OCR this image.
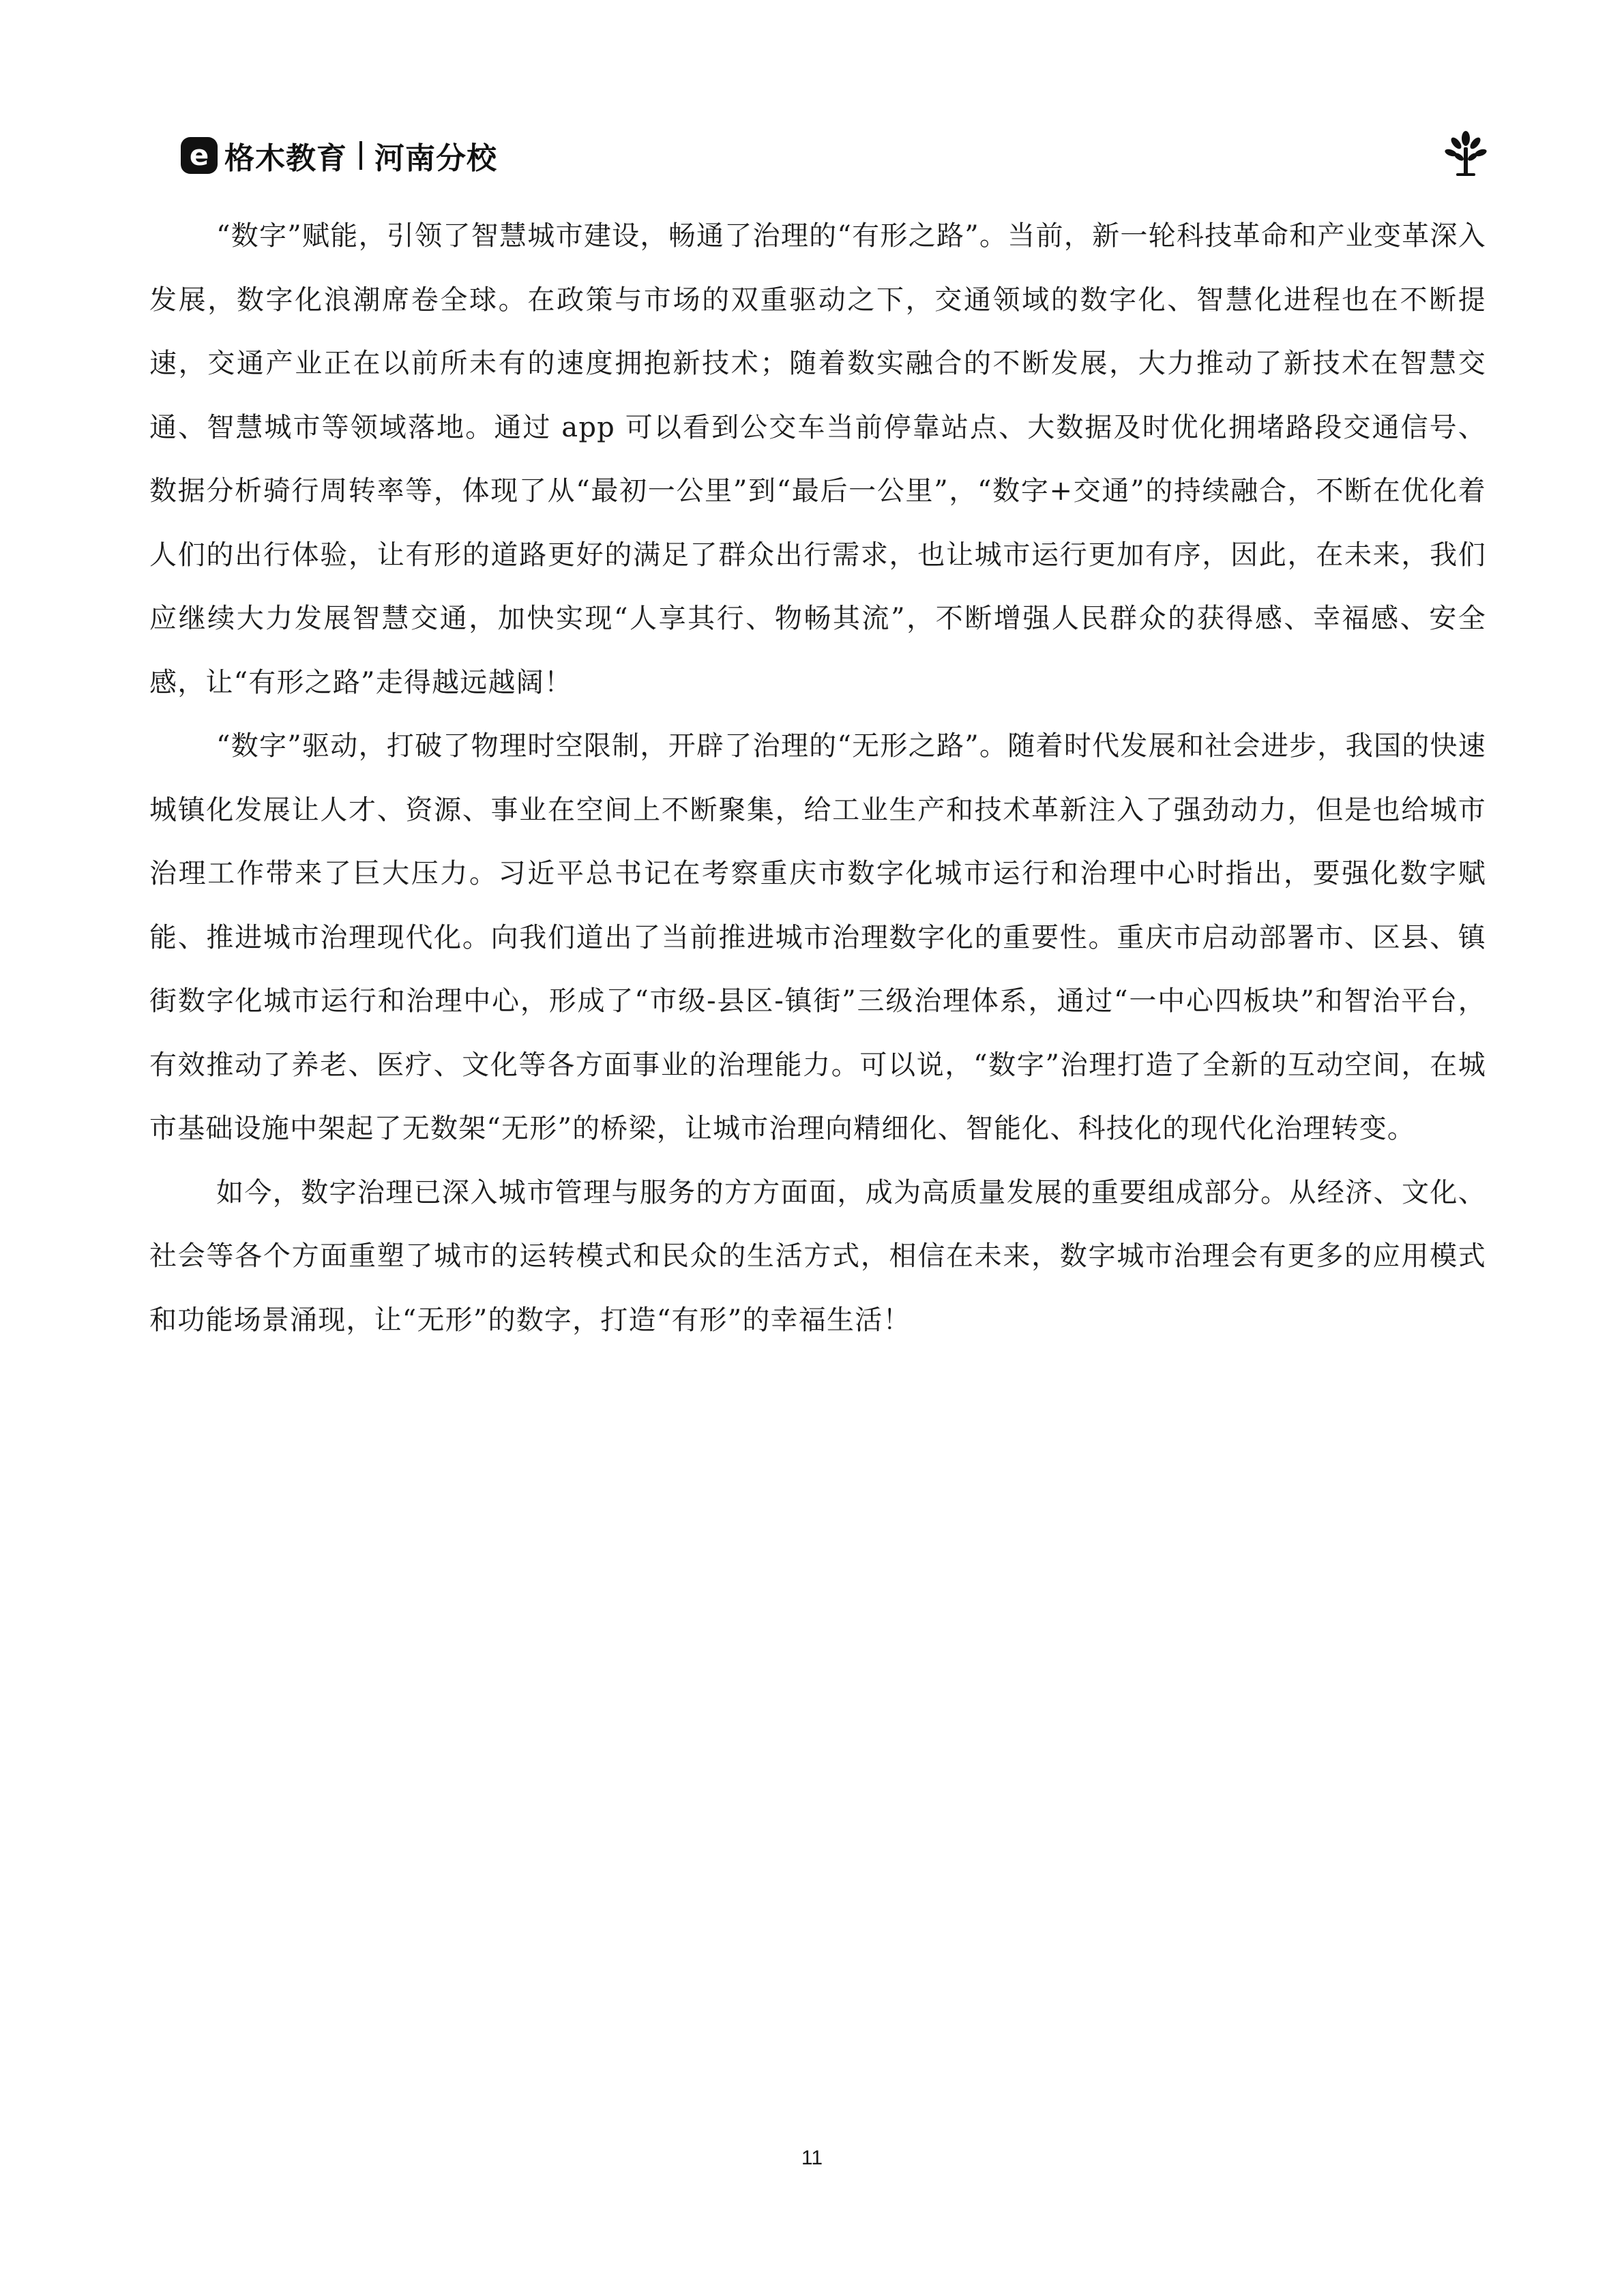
e 格木教育 河南分校

“数字”赋能，引领了智慧城市建设，畅通了治理的“有形之路”。当前，新一轮科技革命和产业变革深入发展，数字化浪潮席卷全球。在政策与市场的双重驱动之下，交通领域的数字化、智慧化进程也在不断提速，交通产业正在以前所未有的速度拥抱新技术；随着数实融合的不断发展，大力推动了新技术在智慧交通、智慧城市等领域落地。通过 app 可以看到公交车当前停靠站点、大数据及时优化拥堵路段交通信号、数据分析骑行周转率等，体现了从“最初一公里”到“最后一公里”，“数字+交通”的持续融合，不断在优化着人们的出行体验，让有形的道路更好的满足了群众出行需求，也让城市运行更加有序，因此，在未来，我们应继续大力发展智慧交通，加快实现“人享其行、物畅其流”，不断增强人民群众的获得感、幸福感、安全感，让“有形之路”走得越远越阔！

“数字”驱动，打破了物理时空限制，开辟了治理的“无形之路”。随着时代发展和社会进步，我国的快速城镇化发展让人才、资源、事业在空间上不断聚集，给工业生产和技术革新注入了强劲动力，但是也给城市治理工作带来了巨大压力。习近平总书记在考察重庆市数字化城市运行和治理中心时指出，要强化数字赋能、推进城市治理现代化。向我们道出了当前推进城市治理数字化的重要性。重庆市启动部署市、区县、镇街数字化城市运行和治理中心，形成了“市级-县区-镇街”三级治理体系，通过“一中心四板块”和智治平台，有效推动了养老、医疗、文化等各方面事业的治理能力。可以说，“数字”治理打造了全新的互动空间，在城市基础设施中架起了无数架“无形”的桥梁，让城市治理向精细化、智能化、科技化的现代化治理转变。

如今，数字治理已深入城市管理与服务的方方面面，成为高质量发展的重要组成部分。从经济、文化、社会等各个方面重塑了城市的运转模式和民众的生活方式，相信在未来，数字城市治理会有更多的应用模式和功能场景涌现，让“无形”的数字，打造“有形”的幸福生活！

11
